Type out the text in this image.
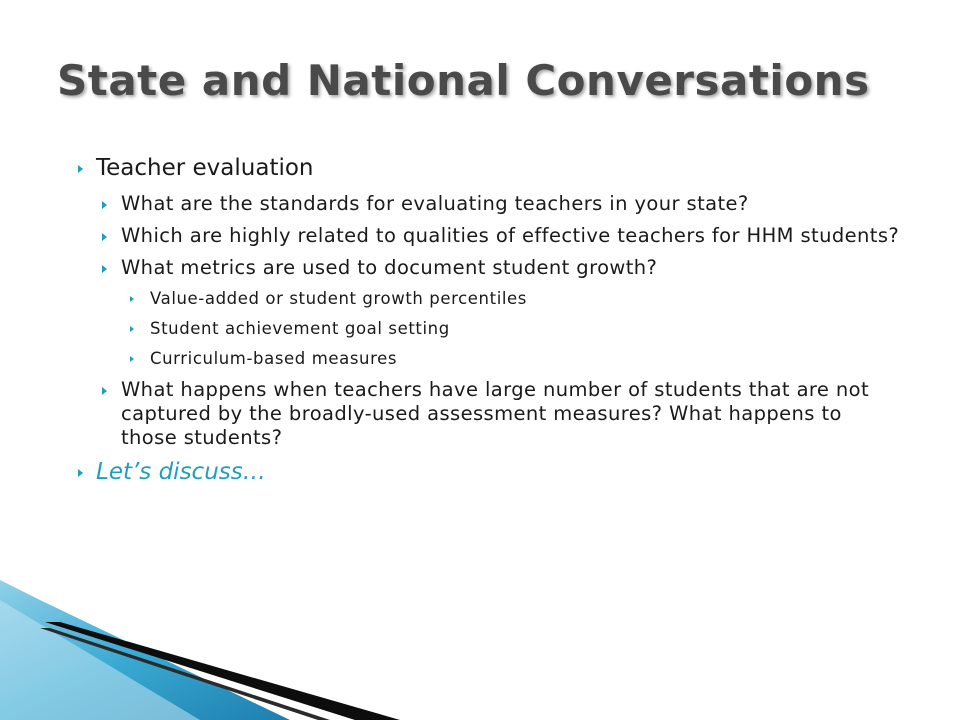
State and National Conversations
Teacher evaluation
What are the standards for evaluating teachers in your state?
Which are highly related to qualities of effective teachers for HHM students?
What metrics are used to document student growth?
Value-added or student growth percentiles
Student achievement goal setting
Curriculum-based measures
What happens when teachers have large number of students that are not captured by the broadly-used assessment measures? What happens to those students?
Let’s discuss…
